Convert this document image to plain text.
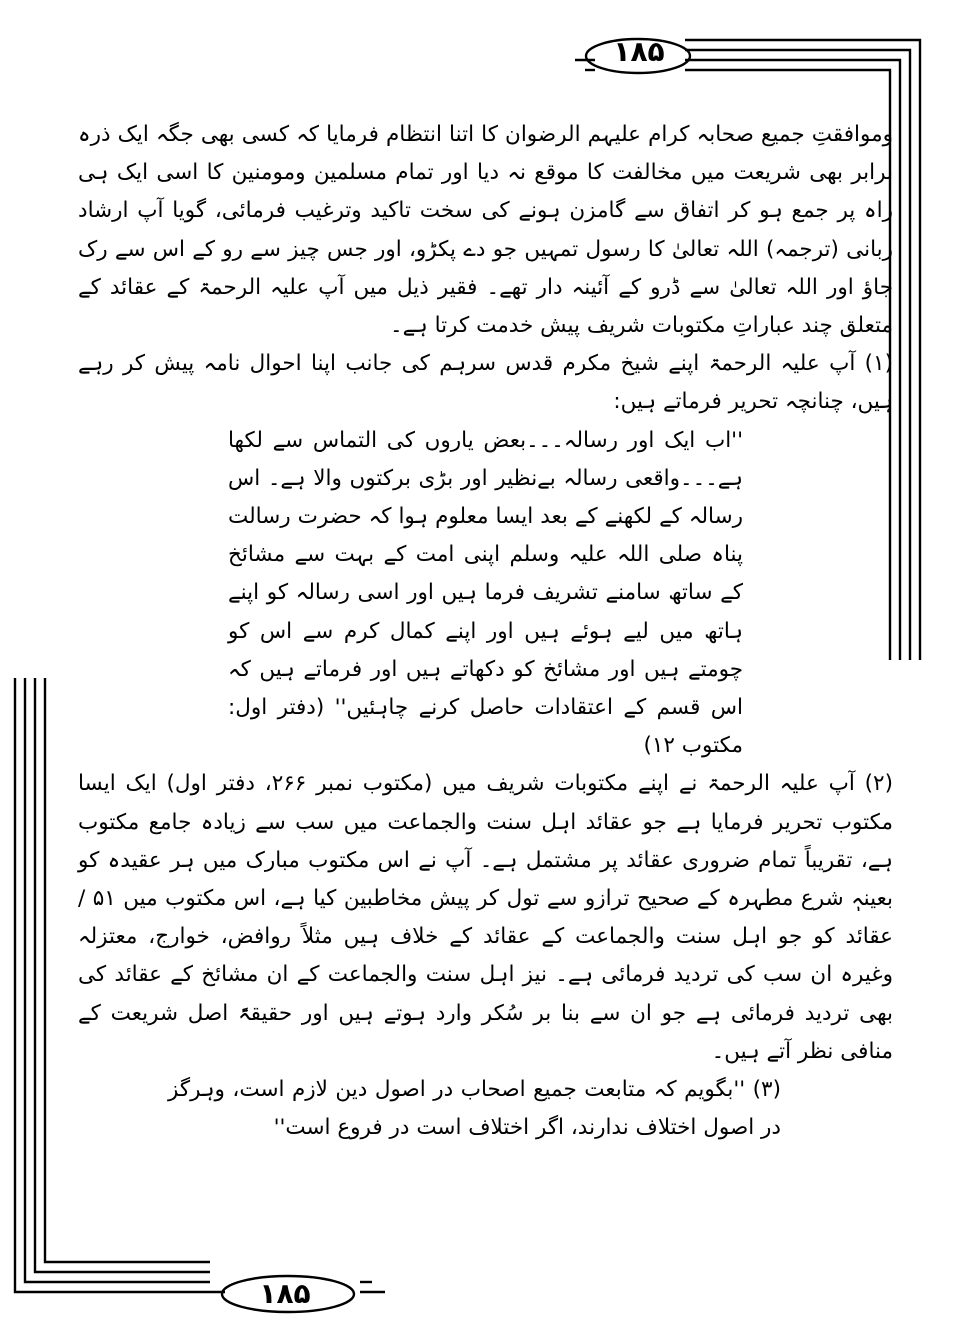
۱۸۵
۱۸۵

وموافقتِ جمیع صحابہ کرام علیہم الرضوان کا اتنا انتظام فرمایا کہ کسی بھی جگہ ایک ذرہ برابر بھی شریعت میں مخالفت کا موقع نہ دیا اور تمام مسلمین ومومنین کا اسی ایک ہی راہ پر جمع ہو کر اتفاق سے گامزن ہونے کی سخت تاکید وترغیب فرمائی، گویا آپ ارشاد ربانی (ترجمہ) اللہ تعالیٰ کا رسول تمہیں جو دے پکڑو، اور جس چیز سے رو کے اس سے رک جاؤ اور اللہ تعالیٰ سے ڈرو کے آئینہ دار تھے۔ فقیر ذیل میں آپ علیہ الرحمۃ کے عقائد کے متعلق چند عباراتِ مکتوبات شریف پیش خدمت کرتا ہے۔

(۱) آپ علیہ الرحمۃ اپنے شیخ مکرم قدس سرہم کی جانب اپنا احوال نامہ پیش کر رہے ہیں، چنانچہ تحریر فرماتے ہیں:

''اب ایک اور رسالہ۔۔۔بعض یاروں کی التماس سے لکھا ہے۔۔۔واقعی رسالہ بےنظیر اور بڑی برکتوں والا ہے۔ اس رسالہ کے لکھنے کے بعد ایسا معلوم ہوا کہ حضرت رسالت پناہ صلی اللہ علیہ وسلم اپنی امت کے بہت سے مشائخ کے ساتھ سامنے تشریف فرما ہیں اور اسی رسالہ کو اپنے ہاتھ میں لیے ہوئے ہیں اور اپنے کمال کرم سے اس کو چومتے ہیں اور مشائخ کو دکھاتے ہیں اور فرماتے ہیں کہ اس قسم کے اعتقادات حاصل کرنے چاہئیں'' (دفتر اول: مکتوب ۱۲)

(۲) آپ علیہ الرحمۃ نے اپنے مکتوبات شریف میں (مکتوب نمبر ۲۶۶، دفتر اول) ایک ایسا مکتوب تحریر فرمایا ہے جو عقائد اہل سنت والجماعت میں سب سے زیادہ جامع مکتوب ہے، تقریباً تمام ضروری عقائد پر مشتمل ہے۔ آپ نے اس مکتوب مبارک میں ہر عقیدہ کو بعینہٖ شرع مطہرہ کے صحیح ترازو سے تول کر پیش مخاطبین کیا ہے، اس مکتوب میں ۵۱ / عقائد کو جو اہل سنت والجماعت کے عقائد کے خلاف ہیں مثلاً روافض، خوارج، معتزلہ وغیرہ ان سب کی تردید فرمائی ہے۔ نیز اہل سنت والجماعت کے ان مشائخ کے عقائد کی بھی تردید فرمائی ہے جو ان سے بنا بر سُکر وارد ہوتے ہیں اور حقیقۃً اصل شریعت کے منافی نظر آتے ہیں۔

(۳) ''بگویم کہ متابعت جمیع اصحاب در اصول دین لازم است، وہرگز در اصول اختلاف ندارند، اگر اختلاف است در فروع است''
